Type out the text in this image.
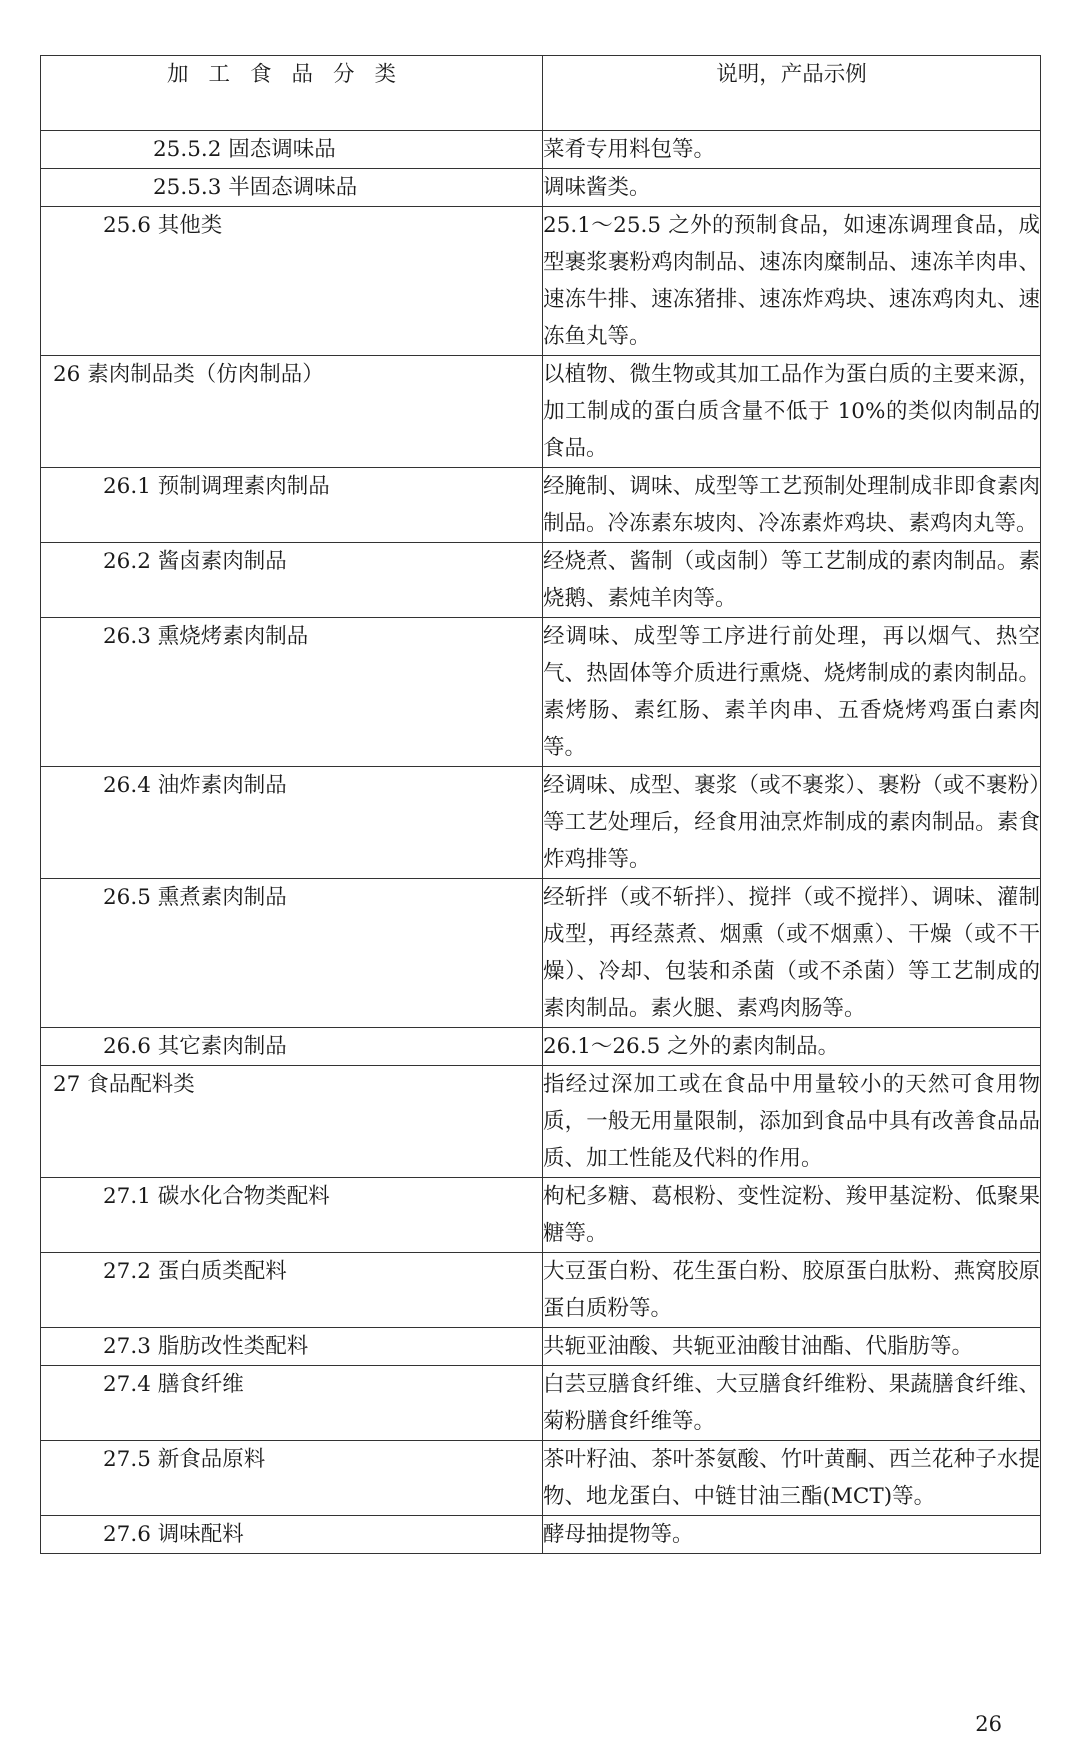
加工食品分类	说明，产品示例
25.5.2 固态调味品	菜肴专用料包等。
25.5.3 半固态调味品	调味酱类。
25.6 其他类	25.1～25.5 之外的预制食品，如速冻调理食品，成型裹浆裹粉鸡肉制品、速冻肉糜制品、速冻羊肉串、速冻牛排、速冻猪排、速冻炸鸡块、速冻鸡肉丸、速冻鱼丸等。
26 素肉制品类（仿肉制品）	以植物、微生物或其加工品作为蛋白质的主要来源，加工制成的蛋白质含量不低于 10%的类似肉制品的食品。
26.1 预制调理素肉制品	经腌制、调味、成型等工艺预制处理制成非即食素肉制品。冷冻素东坡肉、冷冻素炸鸡块、素鸡肉丸等。
26.2 酱卤素肉制品	经烧煮、酱制（或卤制）等工艺制成的素肉制品。素烧鹅、素炖羊肉等。
26.3 熏烧烤素肉制品	经调味、成型等工序进行前处理，再以烟气、热空气、热固体等介质进行熏烧、烧烤制成的素肉制品。素烤肠、素红肠、素羊肉串、五香烧烤鸡蛋白素肉等。
26.4 油炸素肉制品	经调味、成型、裹浆（或不裹浆）、裹粉（或不裹粉）等工艺处理后，经食用油烹炸制成的素肉制品。素食炸鸡排等。
26.5 熏煮素肉制品	经斩拌（或不斩拌）、搅拌（或不搅拌）、调味、灌制成型，再经蒸煮、烟熏（或不烟熏）、干燥（或不干燥）、冷却、包装和杀菌（或不杀菌）等工艺制成的素肉制品。素火腿、素鸡肉肠等。
26.6 其它素肉制品	26.1～26.5 之外的素肉制品。
27 食品配料类	指经过深加工或在食品中用量较小的天然可食用物质，一般无用量限制，添加到食品中具有改善食品品质、加工性能及代料的作用。
27.1 碳水化合物类配料	枸杞多糖、葛根粉、变性淀粉、羧甲基淀粉、低聚果糖等。
27.2 蛋白质类配料	大豆蛋白粉、花生蛋白粉、胶原蛋白肽粉、燕窝胶原蛋白质粉等。
27.3 脂肪改性类配料	共轭亚油酸、共轭亚油酸甘油酯、代脂肪等。
27.4 膳食纤维	白芸豆膳食纤维、大豆膳食纤维粉、果蔬膳食纤维、菊粉膳食纤维等。
27.5 新食品原料	茶叶籽油、茶叶茶氨酸、竹叶黄酮、西兰花种子水提物、地龙蛋白、中链甘油三酯(MCT)等。
27.6 调味配料	酵母抽提物等。
26
